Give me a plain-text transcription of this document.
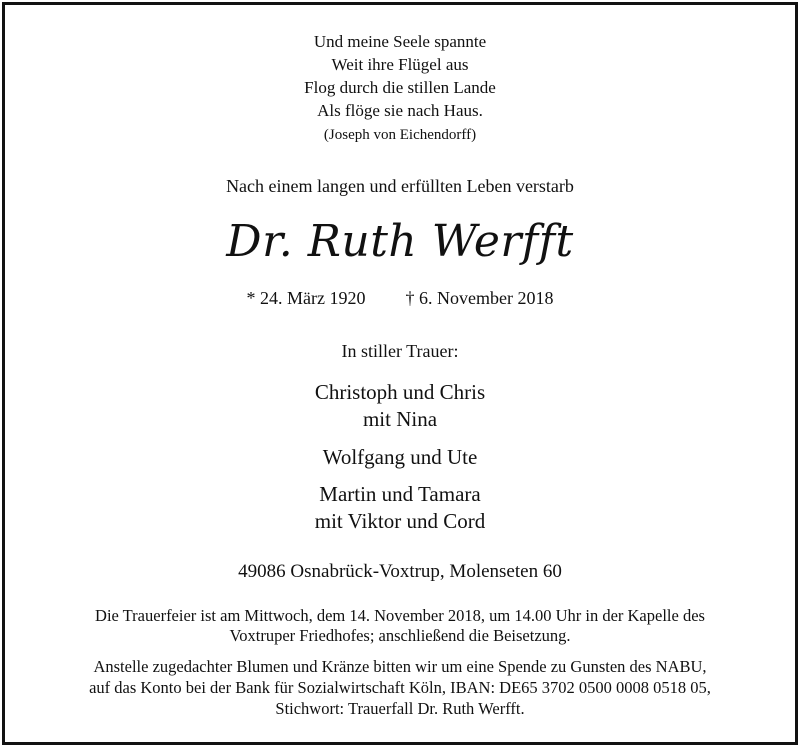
Und meine Seele spannte
Weit ihre Flügel aus
Flog durch die stillen Lande
Als flöge sie nach Haus.
(Joseph von Eichendorff)
Nach einem langen und erfüllten Leben verstarb
Dr. Ruth Werfft
* 24. März 1920 † 6. November 2018
In stiller Trauer:
Christoph und Chris
mit Nina
Wolfgang und Ute
Martin und Tamara
mit Viktor und Cord
49086 Osnabrück-Voxtrup, Molenseten 60
Die Trauerfeier ist am Mittwoch, dem 14. November 2018, um 14.00 Uhr in der Kapelle des
Voxtruper Friedhofes; anschließend die Beisetzung.
Anstelle zugedachter Blumen und Kränze bitten wir um eine Spende zu Gunsten des NABU,
auf das Konto bei der Bank für Sozialwirtschaft Köln, IBAN: DE65 3702 0500 0008 0518 05,
Stichwort: Trauerfall Dr. Ruth Werfft.
